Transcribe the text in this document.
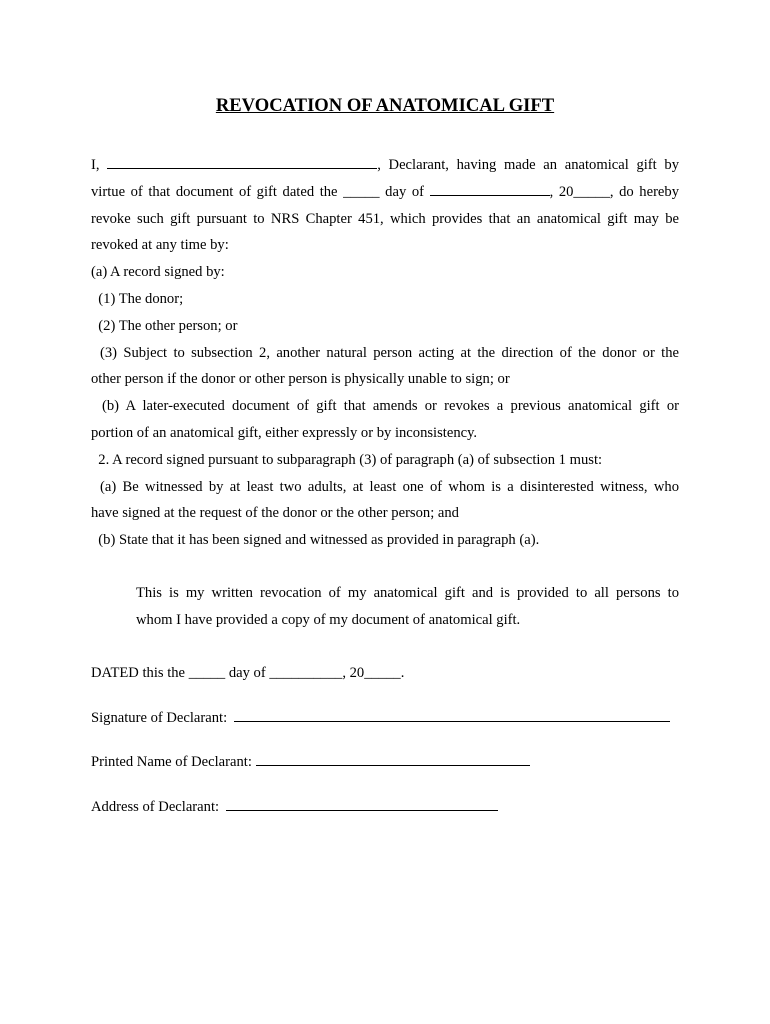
REVOCATION OF ANATOMICAL GIFT
I,	, Declarant, having made an anatomical gift by
virtue of that document of gift dated the _____ day of	, 20_____, do hereby
revoke such gift pursuant to NRS Chapter 451, which provides that an anatomical gift may be
revoked at any time by:
(a) A record signed by:
(1) The donor;
(2) The other person; or
(3) Subject to subsection 2, another natural person acting at the direction of the donor or the
other person if the donor or other person is physically unable to sign; or
(b) A later-executed document of gift that amends or revokes a previous anatomical gift or
portion of an anatomical gift, either expressly or by inconsistency.
2. A record signed pursuant to subparagraph (3) of paragraph (a) of subsection 1 must:
(a) Be witnessed by at least two adults, at least one of whom is a disinterested witness, who
have signed at the request of the donor or the other person; and
(b) State that it has been signed and witnessed as provided in paragraph (a).
This is my written revocation of my anatomical gift and is provided to all persons to
whom I have provided a copy of my document of anatomical gift.
DATED this the _____ day of __________, 20_____.
Signature of Declarant:
Printed Name of Declarant:
Address of Declarant:
